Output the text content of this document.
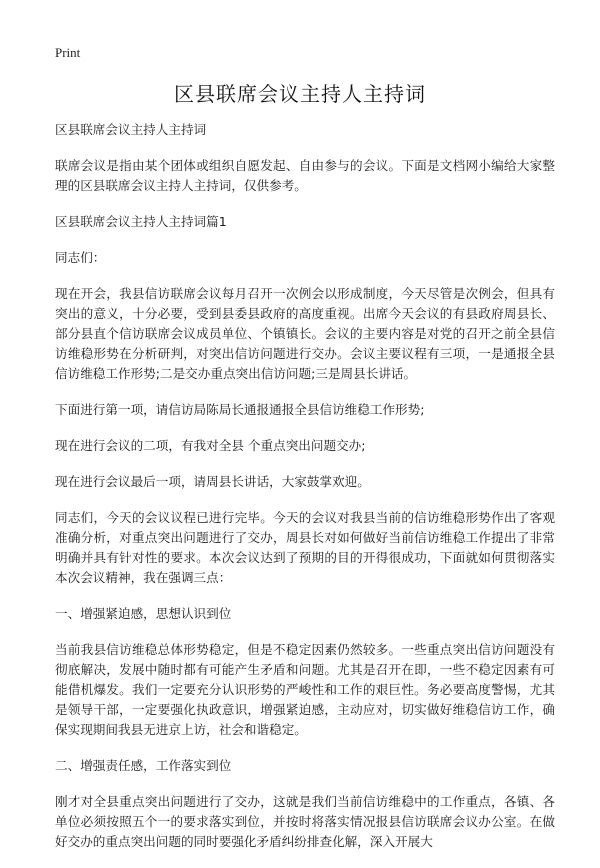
Print
区县联席会议主持人主持词

区县联席会议主持人主持词

联席会议是指由某个团体或组织自愿发起、自由参与的会议。下面是文档网小编给大家整理的区县联席会议主持人主持词，仅供参考。

区县联席会议主持人主持词篇1

同志们：

现在开会，我县信访联席会议每月召开一次例会以形成制度，今天尽管是次例会，但具有突出的意义，十分必要，受到县委县政府的高度重视。出席今天会议的有县政府周县长、部分县直个信访联席会议成员单位、个镇镇长。会议的主要内容是对党的召开之前全县信访维稳形势在分析研判，对突出信访问题进行交办。会议主要议程有三项，一是通报全县信访维稳工作形势;二是交办重点突出信访问题;三是周县长讲话。

下面进行第一项，请信访局陈局长通报通报全县信访维稳工作形势;

现在进行会议的二项，有我对全县 个重点突出问题交办;

现在进行会议最后一项，请周县长讲话，大家鼓掌欢迎。

同志们，今天的会议议程已进行完毕。今天的会议对我县当前的信访维稳形势作出了客观准确分析，对重点突出问题进行了交办，周县长对如何做好当前信访维稳工作提出了非常明确并具有针对性的要求。本次会议达到了预期的目的开得很成功，下面就如何贯彻落实本次会议精神，我在强调三点：

一、增强紧迫感，思想认识到位

当前我县信访维稳总体形势稳定，但是不稳定因素仍然较多。一些重点突出信访问题没有彻底解决，发展中随时都有可能产生矛盾和问题。尤其是召开在即，一些不稳定因素有可能借机爆发。我们一定要充分认识形势的严峻性和工作的艰巨性。务必要高度警惕，尤其是领导干部，一定要强化执政意识，增强紧迫感，主动应对，切实做好维稳信访工作，确保实现期间我县无进京上访，社会和谐稳定。

二、增强责任感，工作落实到位

刚才对全县重点突出问题进行了交办，这就是我们当前信访维稳中的工作重点，各镇、各单位必须按照五个一的要求落实到位，并按时将落实情况报县信访联席会议办公室。在做好交办的重点突出问题的同时要强化矛盾纠纷排查化解，深入开展大
